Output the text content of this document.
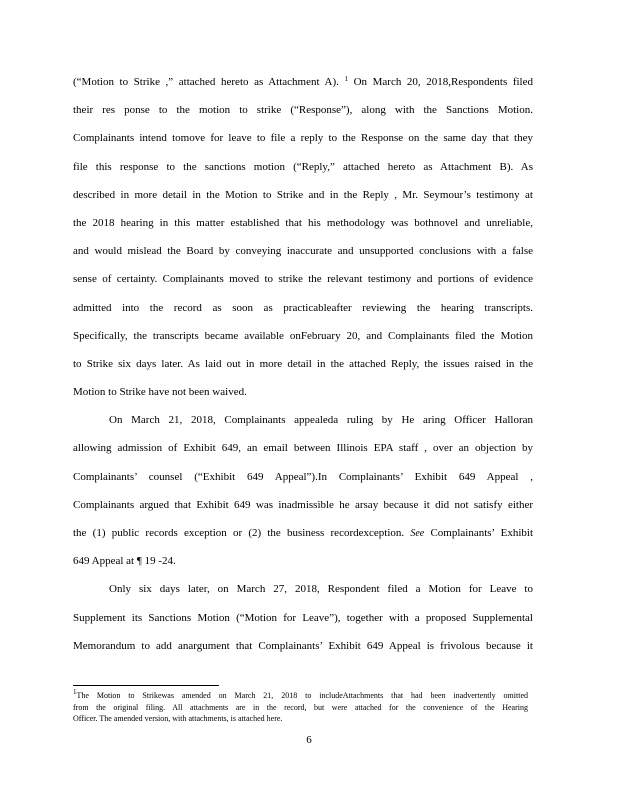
(“Motion to Strike ,” attached hereto as Attachment A). $^1$ On March 20, 2018,Respondents filed
their res ponse to the motion to strike (“Response”), along with the Sanctions Motion.
Complainants intend tomove for leave to file a reply to the Response on the same day that they
file this response to the sanctions motion (“Reply,” attached hereto as Attachment B). As
described in more detail in the Motion to Strike and in the Reply , Mr. Seymour’s testimony at
the 2018 hearing in this matter established that his methodology was bothnovel and unreliable,
and would mislead the Board by conveying inaccurate and unsupported conclusions with a false
sense of certainty. Complainants moved to strike the relevant testimony and portions of evidence
admitted into the record as soon as practicableafter reviewing the hearing transcripts.
Specifically, the transcripts became available onFebruary 20, and Complainants filed the Motion
to Strike six days later. As laid out in more detail in the attached Reply, the issues raised in the
Motion to Strike have not been waived.
On March 21, 2018, Complainants appealeda ruling by He aring Officer Halloran
allowing admission of Exhibit 649, an email between Illinois EPA staff , over an objection by
Complainants’ counsel (“Exhibit 649 Appeal”).In Complainants’ Exhibit 649 Appeal ,
Complainants argued that Exhibit 649 was inadmissible he arsay because it did not satisfy either
the (1) public records exception or (2) the business recordexception. See Complainants’ Exhibit
649 Appeal at ¶ 19 -24.
Only six days later, on March 27, 2018, Respondent filed a Motion for Leave to
Supplement its Sanctions Motion (“Motion for Leave”), together with a proposed Supplemental
Memorandum to add anargument that Complainants’ Exhibit 649 Appeal is frivolous because it
$^1$The Motion to Strikewas amended on March 21, 2018 to includeAttachments that had been inadvertently omitted
from the original filing. All attachments are in the record, but were attached for the convenience of the Hearing
Officer. The amended version, with attachments, is attached here.
6
